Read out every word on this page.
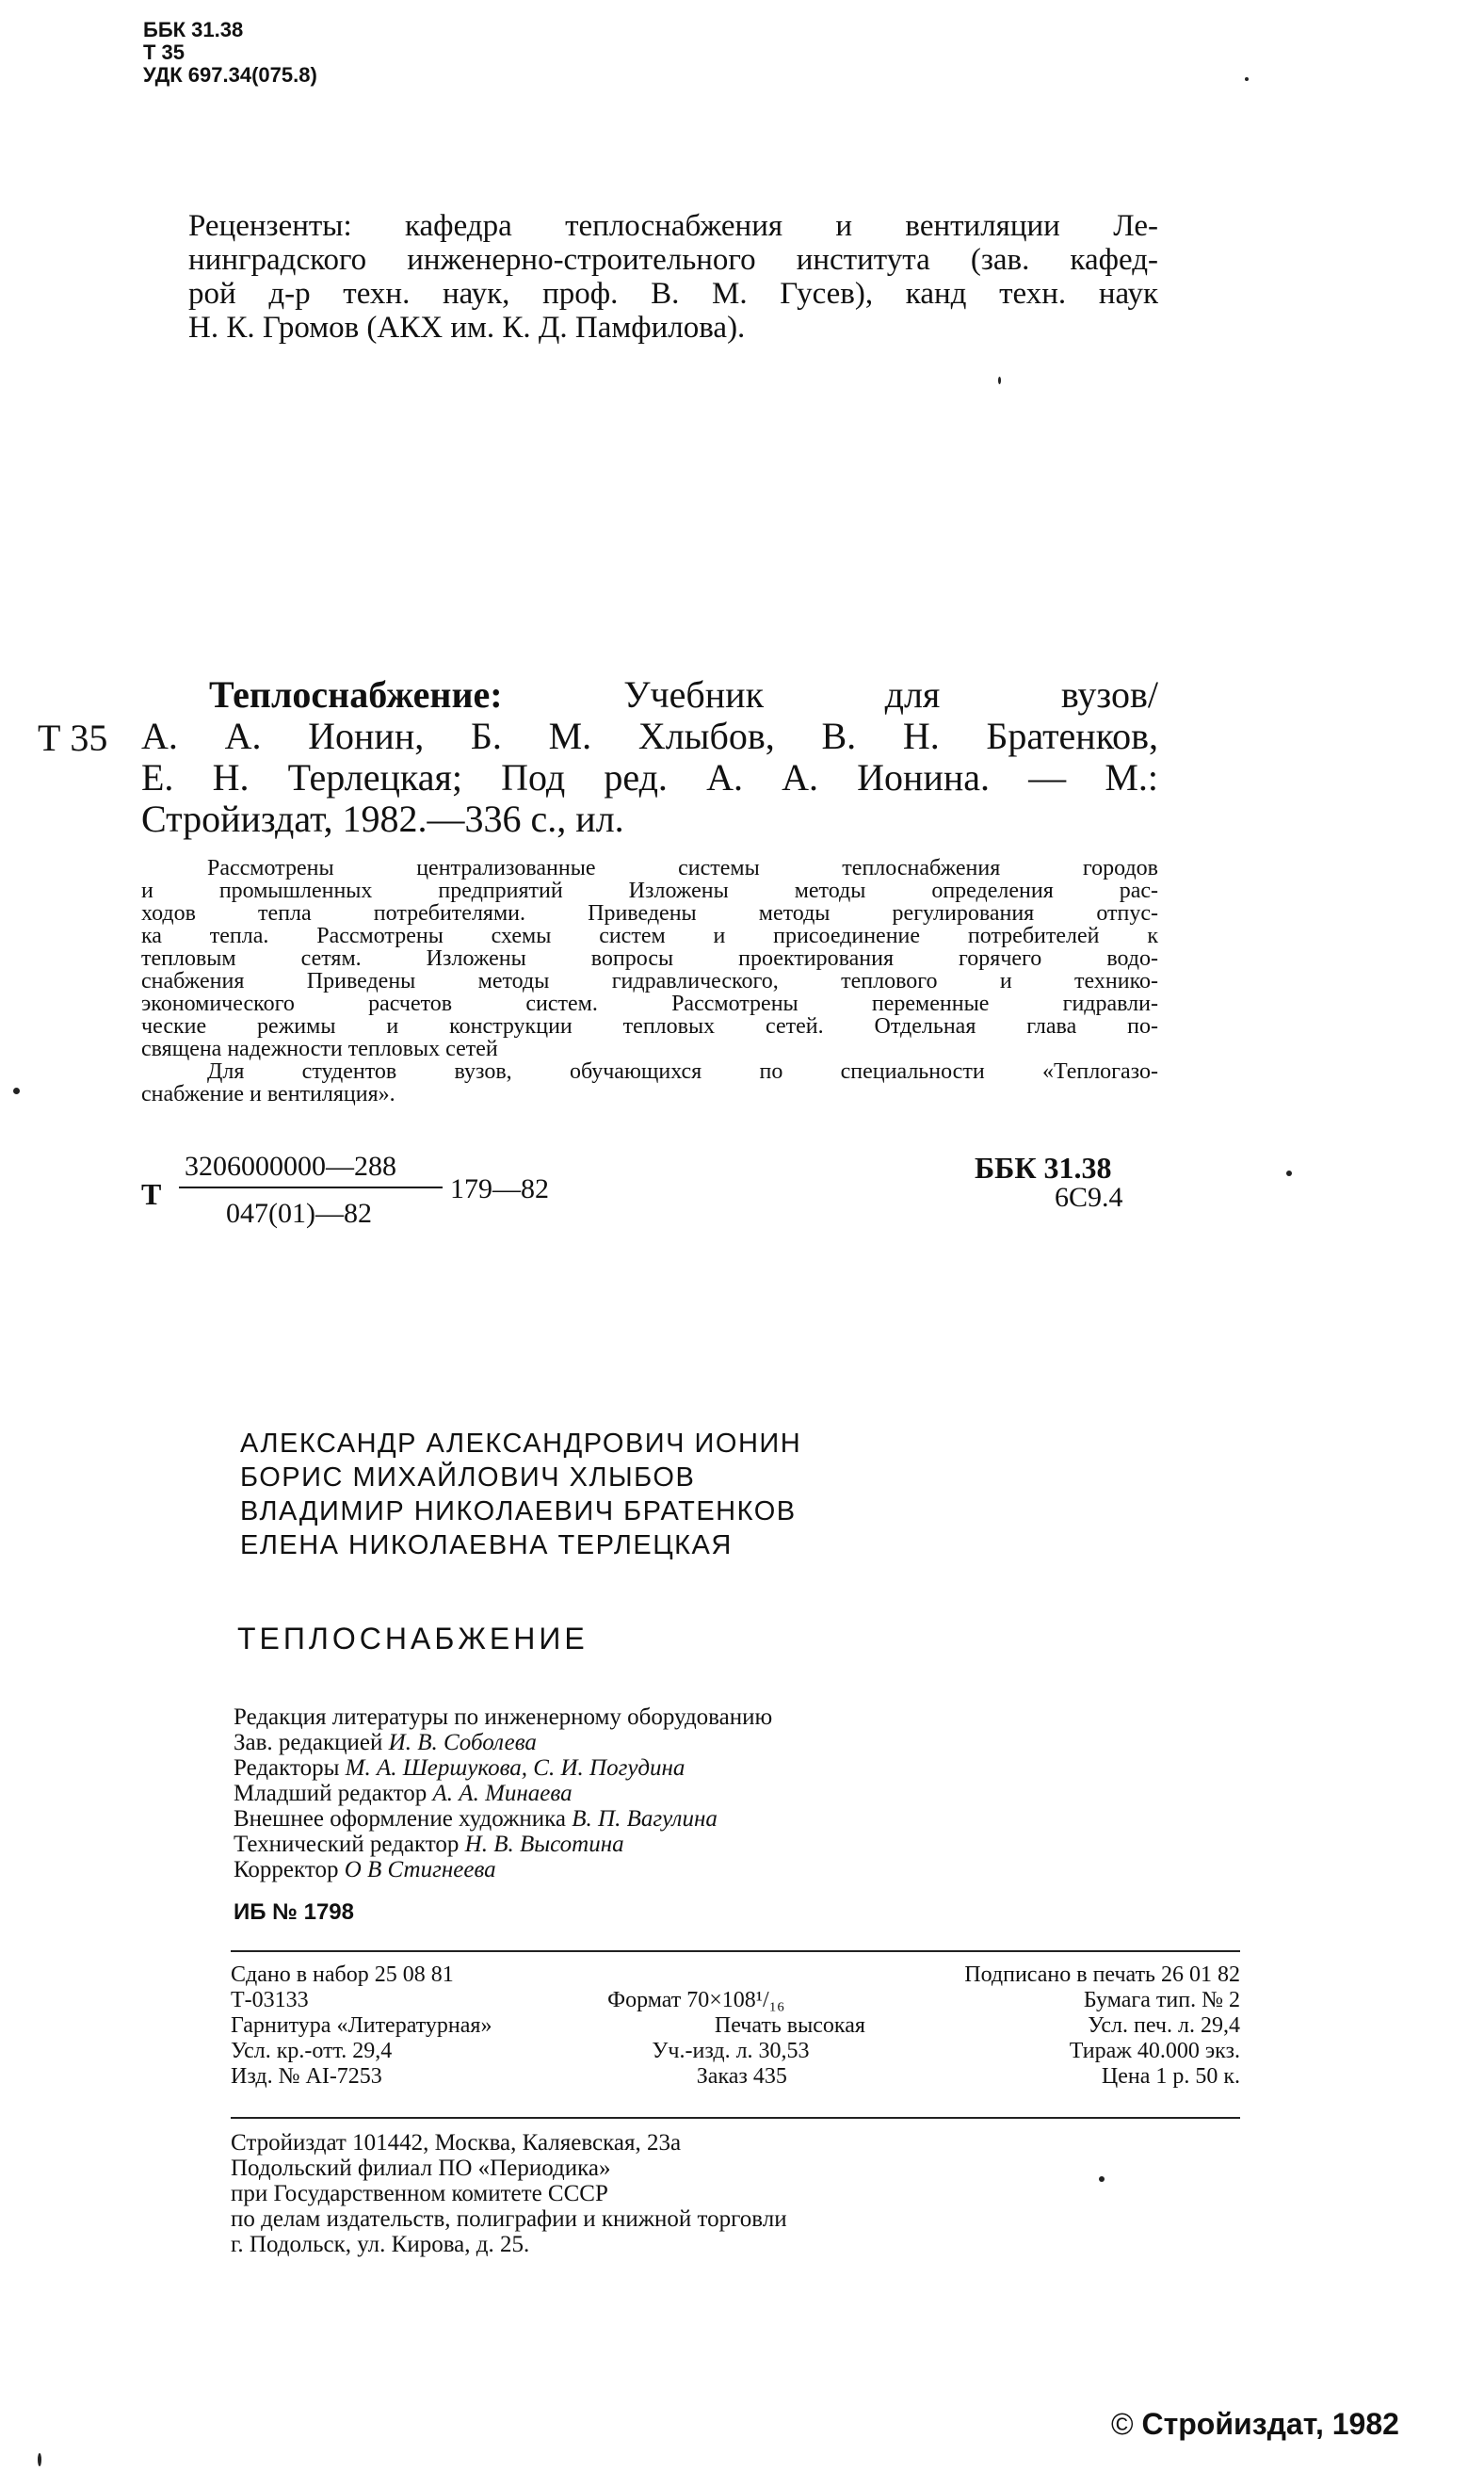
ББК 31.38
Т 35
УДК 697.34(075.8)
Рецензенты: кафедра теплоснабжения и вентиляции Ле-
нинградского инженерно-строительного института (зав. кафед-
рой д-р техн. наук, проф. В. М. Гусев), канд техн. наук
Н. К. Громов (АКХ им. К. Д. Памфилова).
Т 35
Теплоснабжение:	Учебник для вузов/
А. А. Ионин, Б. М. Хлыбов, В. Н. Братенков,
Е. Н. Терлецкая; Под ред. А. А. Ионина. — М.:
Стройиздат, 1982.—336 с., ил.
Рассмотрены централизованные системы теплоснабжения городов
и промышленных предприятий Изложены методы определения рас-
ходов тепла потребителями. Приведены методы регулирования отпус-
ка тепла. Рассмотрены схемы систем и присоединение потребителей к
тепловым сетям. Изложены вопросы проектирования горячего водо-
снабжения Приведены методы гидравлического, теплового и технико-
экономического расчетов систем. Рассмотрены переменные гидравли-
ческие режимы и конструкции тепловых сетей. Отдельная глава по-
священа надежности тепловых сетей
Для студентов вузов, обучающихся по специальности «Теплогазо-
снабжение и вентиляция».
Т
3206000000—288
047(01)—82
179—82
ББК 31.38
6С9.4
АЛЕКСАНДР АЛЕКСАНДРОВИЧ ИОНИН
БОРИС МИХАЙЛОВИЧ ХЛЫБОВ
ВЛАДИМИР НИКОЛАЕВИЧ БРАТЕНКОВ
ЕЛЕНА НИКОЛАЕВНА ТЕРЛЕЦКАЯ
ТЕПЛОСНАБЖЕНИЕ
Редакция литературы по инженерному оборудованию
Зав. редакцией И. В. Соболева
Редакторы М. А. Шершукова, С. И. Погудина
Младший редактор А. А. Минаева
Внешнее оформление художника В. П. Вагулина
Технический редактор Н. В. Высотина
Корректор О В Стигнеева
ИБ № 1798
Сдано в набор 25 08 81	Подписано в печать 26 01 82
Т-03133	Формат 70×108¹/₁₆	Бумага тип. № 2
Гарнитура «Литературная»	Печать высокая	Усл. печ. л. 29,4
Усл. кр.-отт. 29,4	Уч.-изд. л. 30,53	Тираж 40.000 экз.
Изд. № AI-7253	Заказ 435	Цена 1 р. 50 к.
Стройиздат 101442, Москва, Каляевская, 23а
Подольский филиал ПО «Периодика»
при Государственном комитете СССР
по делам издательств, полиграфии и книжной торговли
г. Подольск, ул. Кирова, д. 25.
© Стройиздат, 1982
